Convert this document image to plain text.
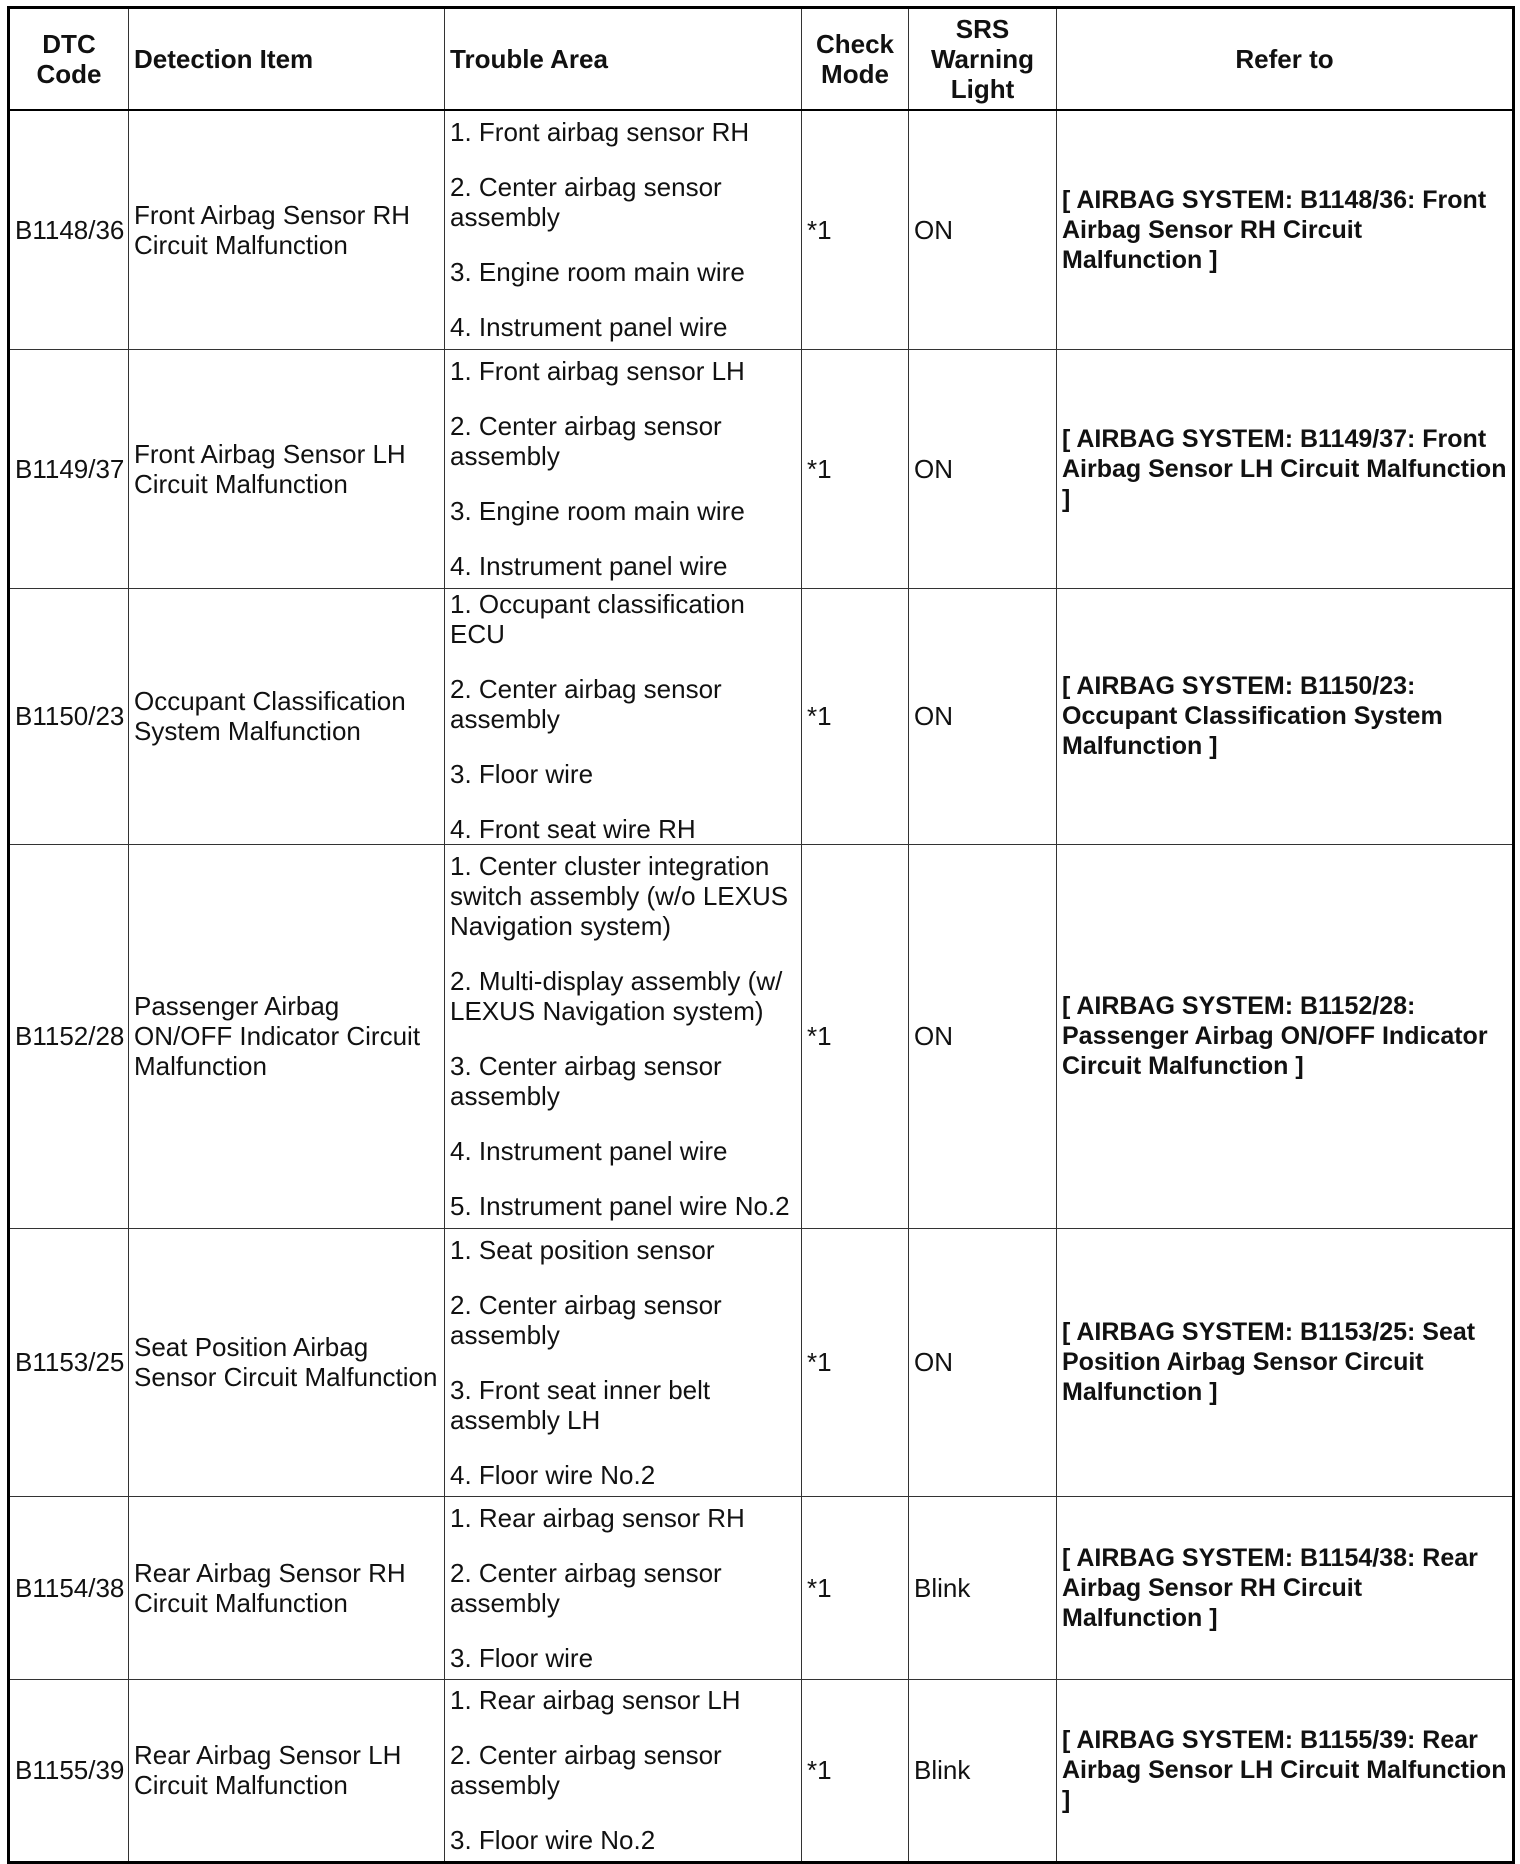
DTC Code	Detection Item	Trouble Area	Check Mode	SRS Warning Light	Refer to
B1148/36	Front Airbag Sensor RH Circuit Malfunction	1. Front airbag sensor RH
2. Center airbag sensor assembly
3. Engine room main wire
4. Instrument panel wire	*1	ON	[ AIRBAG SYSTEM: B1148/36: Front Airbag Sensor RH Circuit Malfunction ]
B1149/37	Front Airbag Sensor LH Circuit Malfunction	1. Front airbag sensor LH
2. Center airbag sensor assembly
3. Engine room main wire
4. Instrument panel wire	*1	ON	[ AIRBAG SYSTEM: B1149/37: Front Airbag Sensor LH Circuit Malfunction ]
B1150/23	Occupant Classification System Malfunction	1. Occupant classification ECU
2. Center airbag sensor assembly
3. Floor wire
4. Front seat wire RH	*1	ON	[ AIRBAG SYSTEM: B1150/23: Occupant Classification System Malfunction ]
B1152/28	Passenger Airbag ON/OFF Indicator Circuit Malfunction	1. Center cluster integration switch assembly (w/o LEXUS Navigation system)
2. Multi-display assembly (w/ LEXUS Navigation system)
3. Center airbag sensor assembly
4. Instrument panel wire
5. Instrument panel wire No.2	*1	ON	[ AIRBAG SYSTEM: B1152/28: Passenger Airbag ON/OFF Indicator Circuit Malfunction ]
B1153/25	Seat Position Airbag Sensor Circuit Malfunction	1. Seat position sensor
2. Center airbag sensor assembly
3. Front seat inner belt assembly LH
4. Floor wire No.2	*1	ON	[ AIRBAG SYSTEM: B1153/25: Seat Position Airbag Sensor Circuit Malfunction ]
B1154/38	Rear Airbag Sensor RH Circuit Malfunction	1. Rear airbag sensor RH
2. Center airbag sensor assembly
3. Floor wire	*1	Blink	[ AIRBAG SYSTEM: B1154/38: Rear Airbag Sensor RH Circuit Malfunction ]
B1155/39	Rear Airbag Sensor LH Circuit Malfunction	1. Rear airbag sensor LH
2. Center airbag sensor assembly
3. Floor wire No.2	*1	Blink	[ AIRBAG SYSTEM: B1155/39: Rear Airbag Sensor LH Circuit Malfunction ]
